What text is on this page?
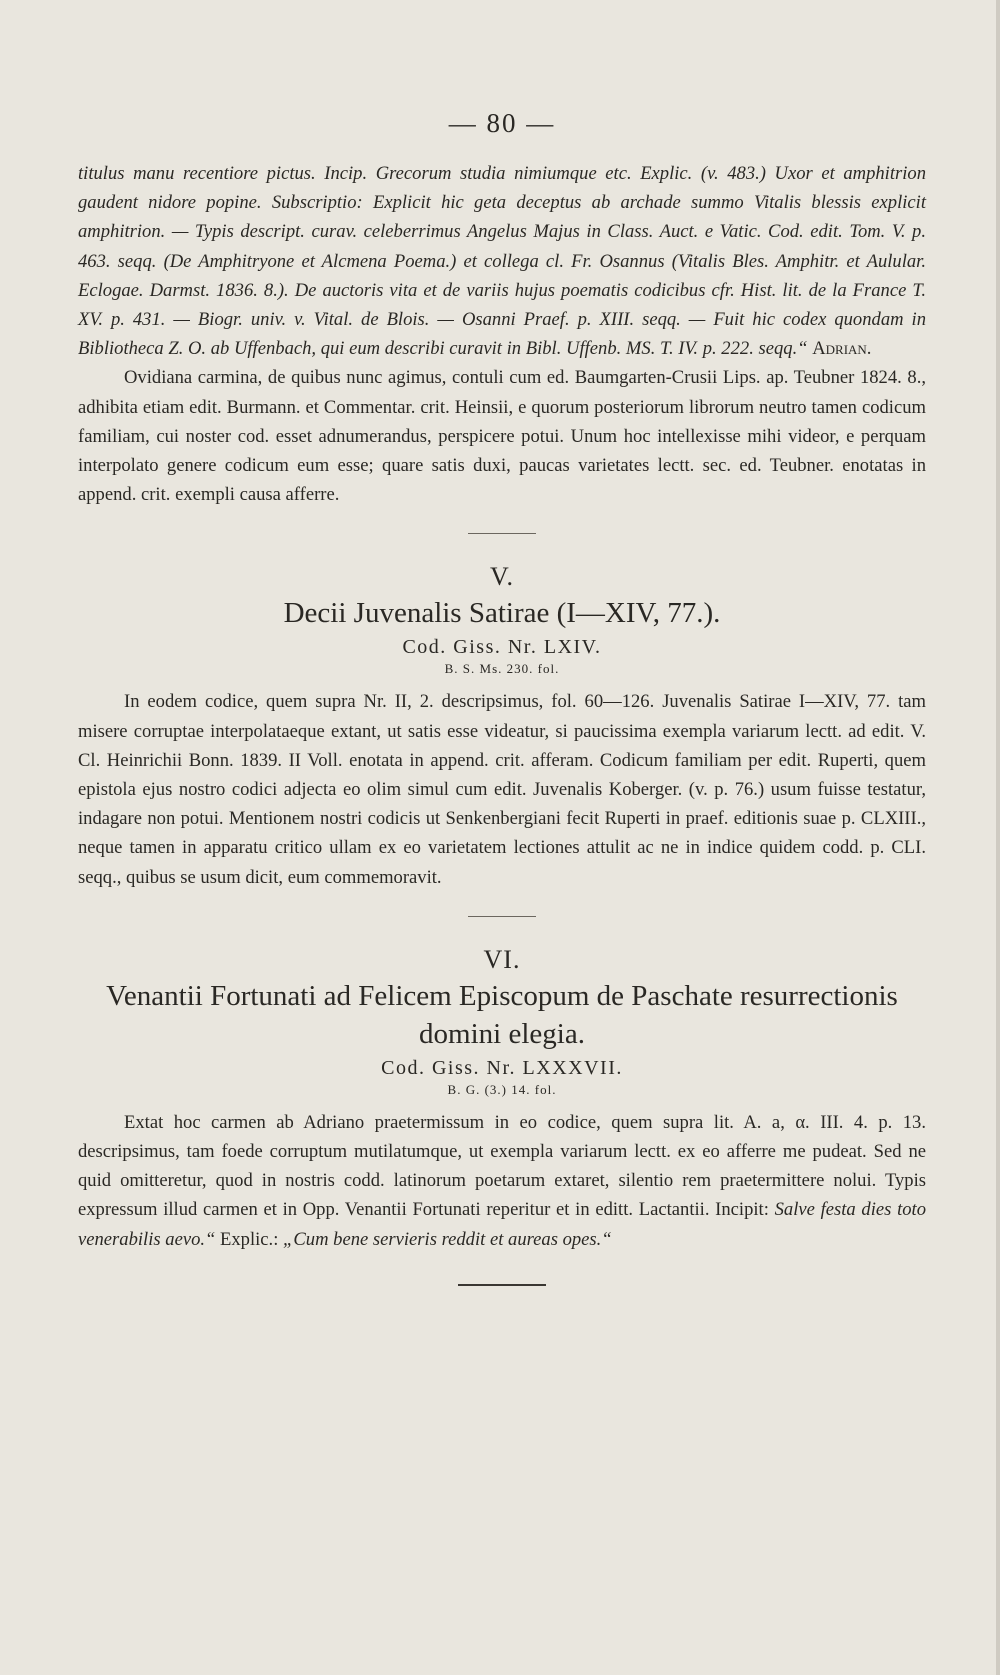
— 80 —

titulus manu recentiore pictus. Incip. Grecorum studia nimiumque etc. Explic. (v. 483.) Uxor et amphitrion gaudent nidore popine. Subscriptio: Explicit hic geta deceptus ab archade summo Vitalis blessis explicit amphitrion. — Typis descript. curav. celeberrimus Angelus Majus in Class. Auct. e Vatic. Cod. edit. Tom. V. p. 463. seqq. (De Amphitryone et Alcmena Poema.) et collega cl. Fr. Osannus (Vitalis Bles. Amphitr. et Aulular. Eclogae. Darmst. 1836. 8.). De auctoris vita et de variis hujus poematis codicibus cfr. Hist. lit. de la France T. XV. p. 431. — Biogr. univ. v. Vital. de Blois. — Osanni Praef. p. XIII. seqq. — Fuit hic codex quondam in Bibliotheca Z. O. ab Uffenbach, qui eum describi curavit in Bibl. Uffenb. MS. T. IV. p. 222. seqq.“ Adrian.

Ovidiana carmina, de quibus nunc agimus, contuli cum ed. Baumgarten-Crusii Lips. ap. Teubner 1824. 8., adhibita etiam edit. Burmann. et Commentar. crit. Heinsii, e quorum posteriorum librorum neutro tamen codicum familiam, cui noster cod. esset adnumerandus, perspicere potui. Unum hoc intellexisse mihi videor, e perquam interpolato genere codicum eum esse; quare satis duxi, paucas varietates lectt. sec. ed. Teubner. enotatas in append. crit. exempli causa afferre.

V.

Decii Juvenalis Satirae (I—XIV, 77.).

Cod. Giss. Nr. LXIV.

B. S. Ms. 230. fol.

In eodem codice, quem supra Nr. II, 2. descripsimus, fol. 60—126. Juvenalis Satirae I—XIV, 77. tam misere corruptae interpolataeque extant, ut satis esse videatur, si paucissima exempla variarum lectt. ad edit. V. Cl. Heinrichii Bonn. 1839. II Voll. enotata in append. crit. afferam. Codicum familiam per edit. Ruperti, quem epistola ejus nostro codici adjecta eo olim simul cum edit. Juvenalis Koberger. (v. p. 76.) usum fuisse testatur, indagare non potui. Mentionem nostri codicis ut Senkenbergiani fecit Ruperti in praef. editionis suae p. CLXIII., neque tamen in apparatu critico ullam ex eo varietatem lectiones attulit ac ne in indice quidem codd. p. CLI. seqq., quibus se usum dicit, eum commemoravit.

VI.

Venantii Fortunati ad Felicem Episcopum de Paschate resurrectionis domini elegia.

Cod. Giss. Nr. LXXXVII.

B. G. (3.) 14. fol.

Extat hoc carmen ab Adriano praetermissum in eo codice, quem supra lit. A. a, α. III. 4. p. 13. descripsimus, tam foede corruptum mutilatumque, ut exempla variarum lectt. ex eo afferre me pudeat. Sed ne quid omitteretur, quod in nostris codd. latinorum poetarum extaret, silentio rem praetermittere nolui. Typis expressum illud carmen et in Opp. Venantii Fortunati reperitur et in editt. Lactantii. Incipit: Salve festa dies toto venerabilis aevo.“ Explic.: „Cum bene servieris reddit et aureas opes.“
